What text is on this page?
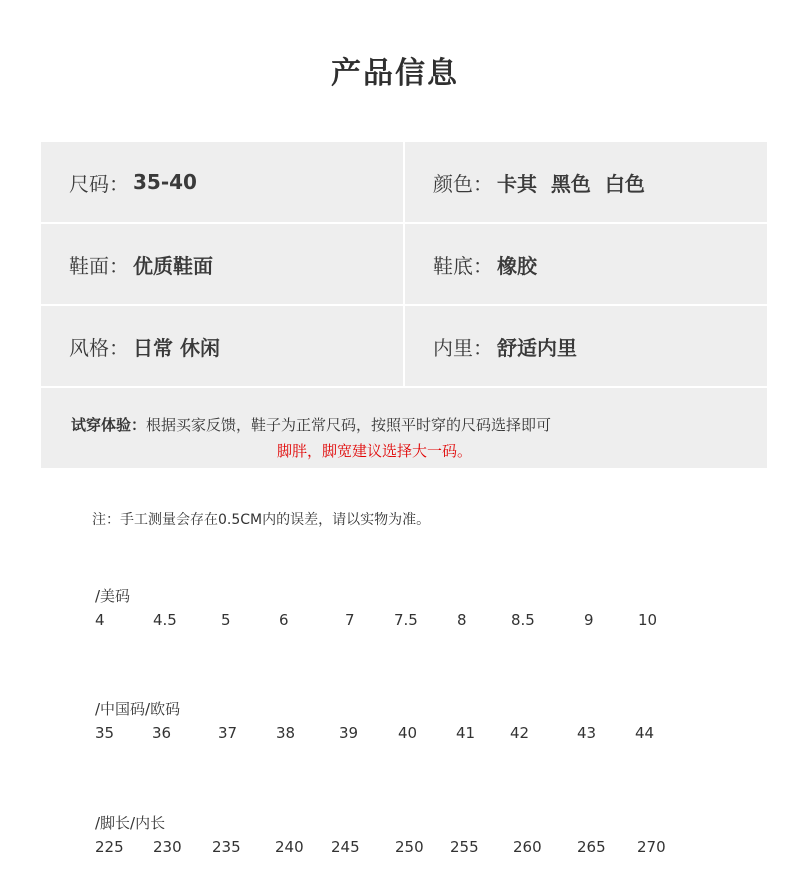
产品信息
尺码： 35-40	颜色： 卡其  黑色  白色
鞋面： 优质鞋面	鞋底： 橡胶
风格： 日常 休闲	内里： 舒适内里
试穿体验：根据买家反馈，鞋子为正常尺码，按照平时穿的尺码选择即可
脚胖，脚宽建议选择大一码。
注：手工测量会存在0.5CM内的误差，请以实物为准。
/美码
4	4.5	5	6	7	7.5	8	8.5	9	10
/中国码/欧码
35	36	37	38	39	40	41 42	43	44
/脚长/内长
225 230 235 240 245 250 255 260 265 270
